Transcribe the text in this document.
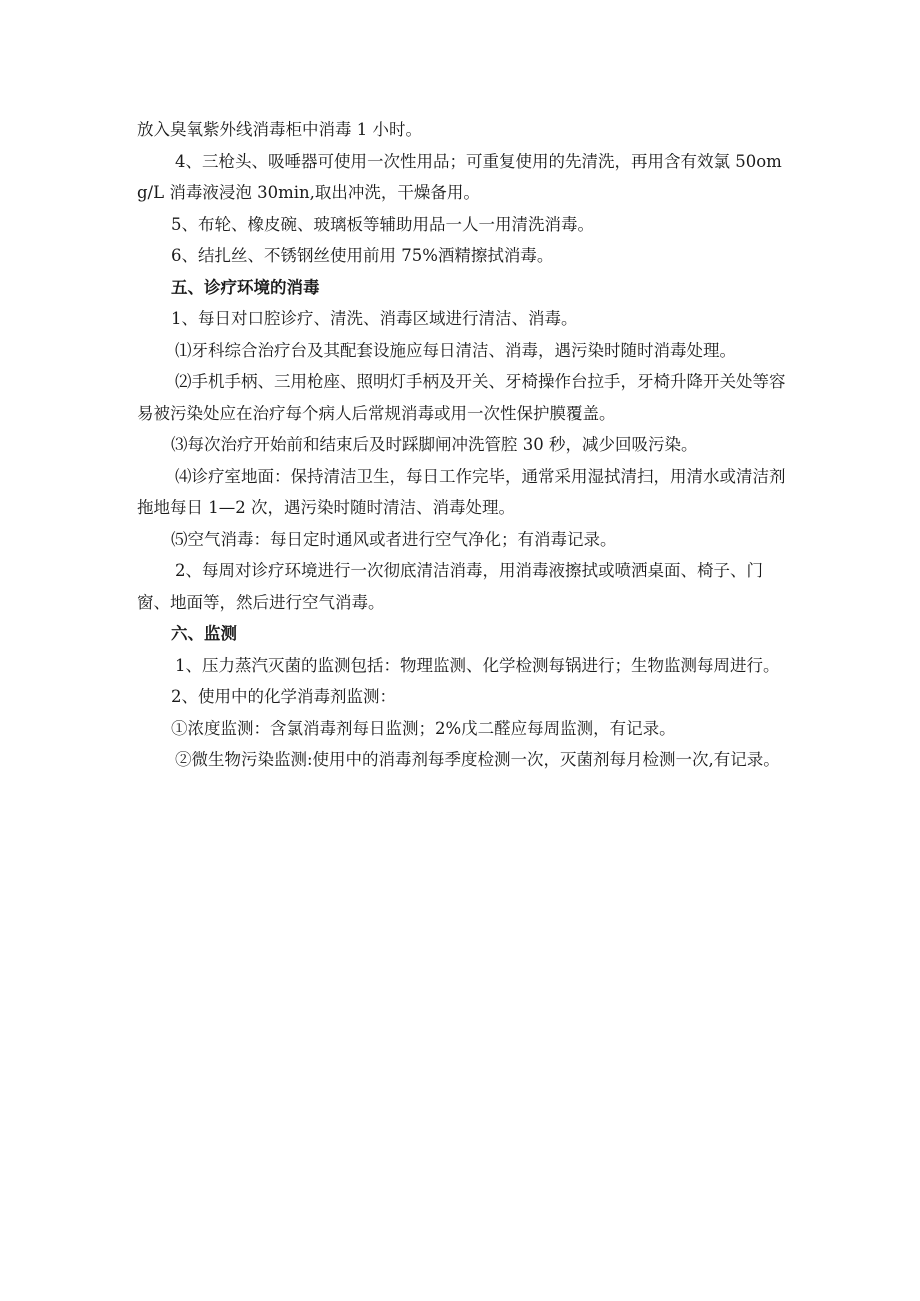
放入臭氧紫外线消毒柜中消毒 1 小时。

4、三枪头、吸唾器可使用一次性用品；可重复使用的先清洗，再用含有效氯 50omg/L 消毒液浸泡 30min,取出冲洗，干燥备用。

5、布轮、橡皮碗、玻璃板等辅助用品一人一用清洗消毒。

6、结扎丝、不锈钢丝使用前用 75%酒精擦拭消毒。

五、诊疗环境的消毒

1、每日对口腔诊疗、清洗、消毒区域进行清洁、消毒。

⑴牙科综合治疗台及其配套设施应每日清洁、消毒，遇污染时随时消毒处理。

⑵手机手柄、三用枪座、照明灯手柄及开关、牙椅操作台拉手，牙椅升降开关处等容易被污染处应在治疗每个病人后常规消毒或用一次性保护膜覆盖。

⑶每次治疗开始前和结束后及时踩脚闸冲洗管腔 30 秒，减少回吸污染。

⑷诊疗室地面：保持清洁卫生，每日工作完毕，通常采用湿拭清扫，用清水或清洁剂拖地每日 1—2 次，遇污染时随时清洁、消毒处理。

⑸空气消毒：每日定时通风或者进行空气净化；有消毒记录。

2、每周对诊疗环境进行一次彻底清洁消毒，用消毒液擦拭或喷洒桌面、椅子、门窗、地面等，然后进行空气消毒。

六、监测

1、压力蒸汽灭菌的监测包括：物理监测、化学检测每锅进行；生物监测每周进行。

2、使用中的化学消毒剂监测：

①浓度监测：含氯消毒剂每日监测；2%戊二醛应每周监测，有记录。

②微生物污染监测:使用中的消毒剂每季度检测一次，灭菌剂每月检测一次,有记录。
